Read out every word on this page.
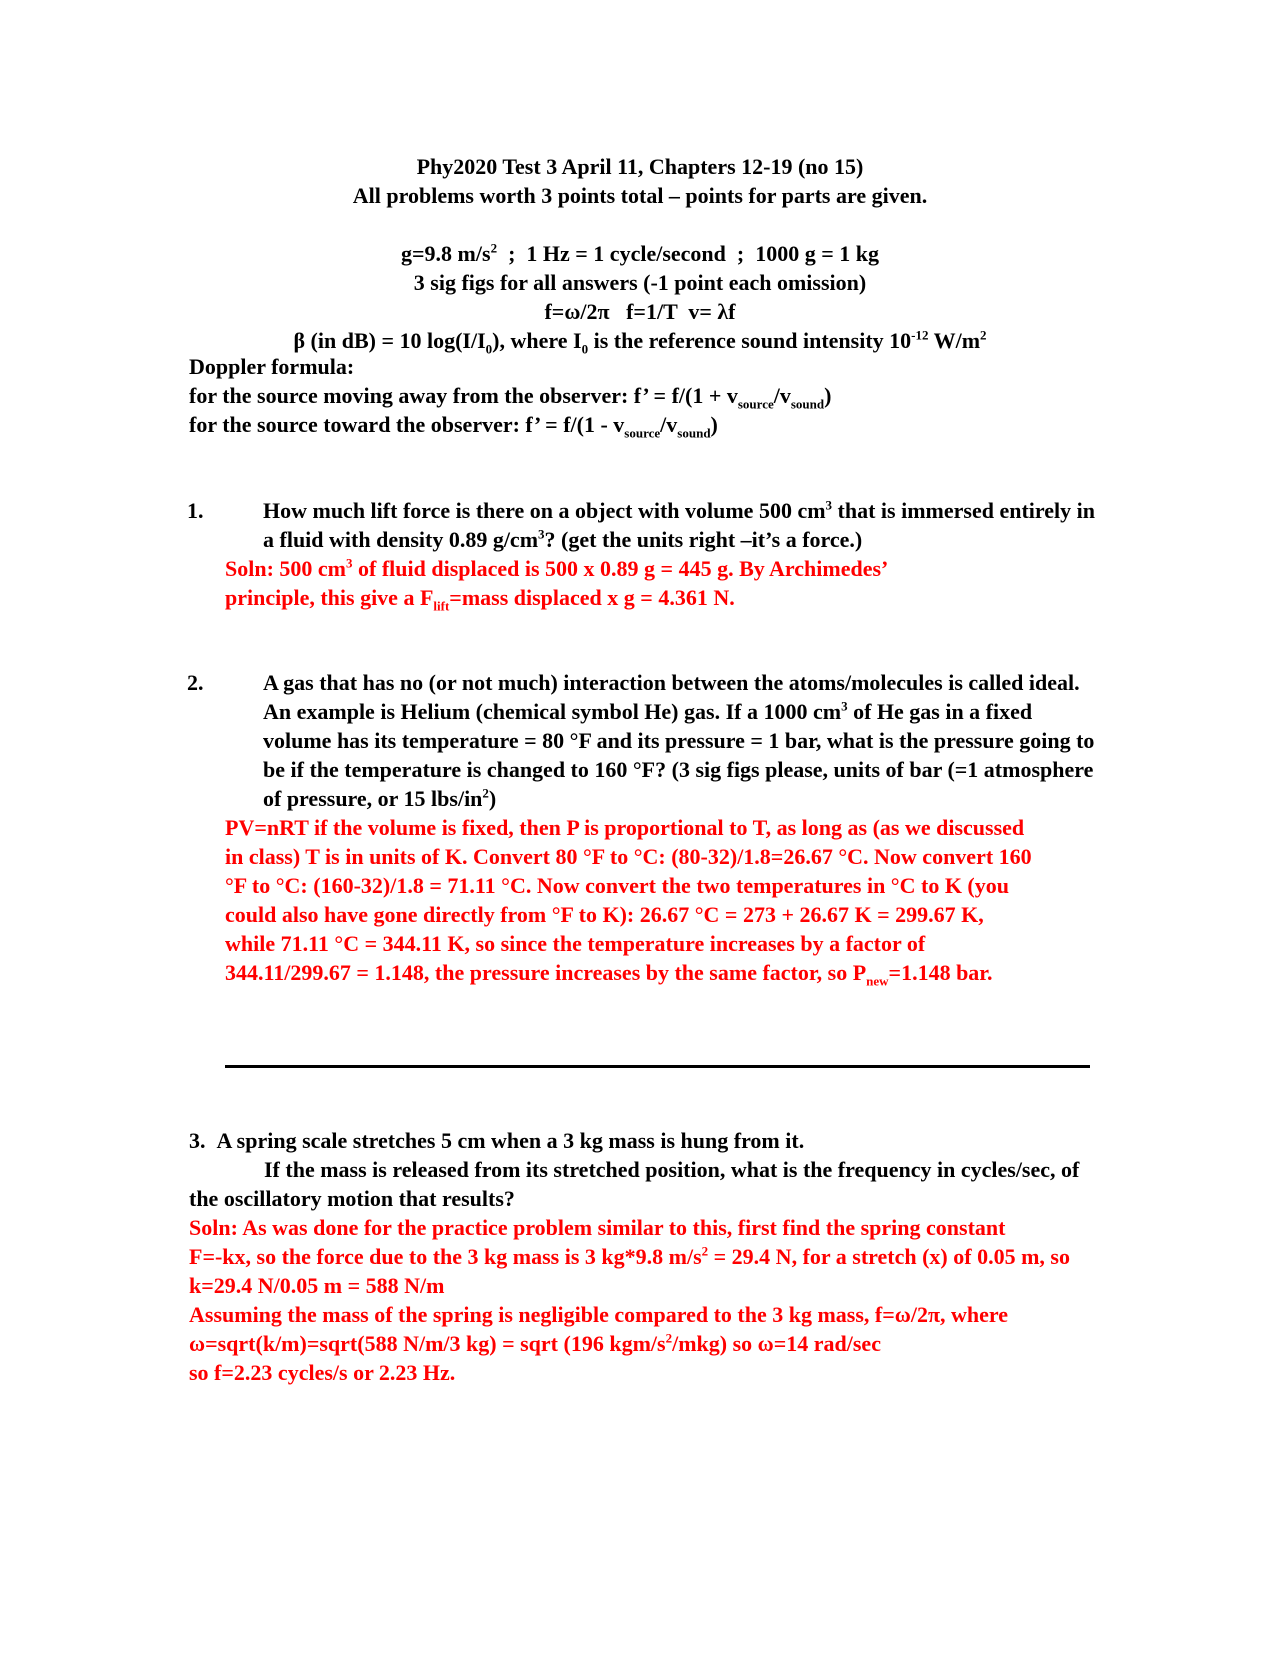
Phy2020 Test 3 April 11, Chapters 12-19 (no 15)
All problems worth 3 points total – points for parts are given.
g=9.8 $m/s^2$  ;  1 Hz = 1 cycle/second  ;  1000 g = 1 kg
3 sig figs for all answers (-1 point each omission)
f=ω/2π   f=1/T  v= λf
β (in dB) = 10 $\log(I/I_0)$, where $I_0$ is the reference sound intensity $10^{-12}$ $W/m^2$
Doppler formula:
for the source moving away from the observer: f’ = $f/(1 + v_{source}/v_{sound})$
for the source toward the observer: f’ = $f/(1 - v_{source}/v_{sound})$
1.	How much lift force is there on a object with volume 500 $cm^3$ that is immersed entirely in a fluid with density 0.89 $g/cm^3$? (get the units right –it’s a force.)
Soln: 500 $cm^3$ of fluid displaced is 500 x 0.89 g = 445 g. By Archimedes’ principle, this give a $F_{lift}=mass$ displaced x g = 4.361 N.
2.	A gas that has no (or not much) interaction between the atoms/molecules is called ideal. An example is Helium (chemical symbol He) gas. If a 1000 $cm^3$ of He gas in a fixed volume has its temperature = 80 °F and its pressure = 1 bar, what is the pressure going to be if the temperature is changed to 160 °F? (3 sig figs please, units of bar (=1 atmosphere of pressure, or 15 lbs/$in^2$)
PV=nRT if the volume is fixed, then P is proportional to T, as long as (as we discussed in class) T is in units of K. Convert 80 °F to °C: (80-32)/1.8=26.67 °C. Now convert 160 °F to °C: (160-32)/1.8 = 71.11 °C. Now convert the two temperatures in °C to K (you could also have gone directly from °F to K): 26.67 °C = 273 + 26.67 K = 299.67 K, while 71.11 °C = 344.11 K, so since the temperature increases by a factor of 344.11/299.67 = 1.148, the pressure increases by the same factor, so $P_{new}=1.148$ bar.
3. A spring scale stretches 5 cm when a 3 kg mass is hung from it.
If the mass is released from its stretched position, what is the frequency in cycles/sec, of the oscillatory motion that results?
Soln: As was done for the practice problem similar to this, first find the spring constant
F=-kx, so the force due to the 3 kg mass is 3 kg*9.8 $m/s^2 = 29.4$ N, for a stretch (x) of 0.05 m, so k=29.4 N/0.05 m = 588 N/m
Assuming the mass of the spring is negligible compared to the 3 kg mass, f=ω/2π, where ω=sqrt(k/m)=sqrt(588 N/m/3 kg) = sqrt (196 kgm/$s^2/mkg$) so ω=14 rad/sec
so f=2.23 cycles/s or 2.23 Hz.
